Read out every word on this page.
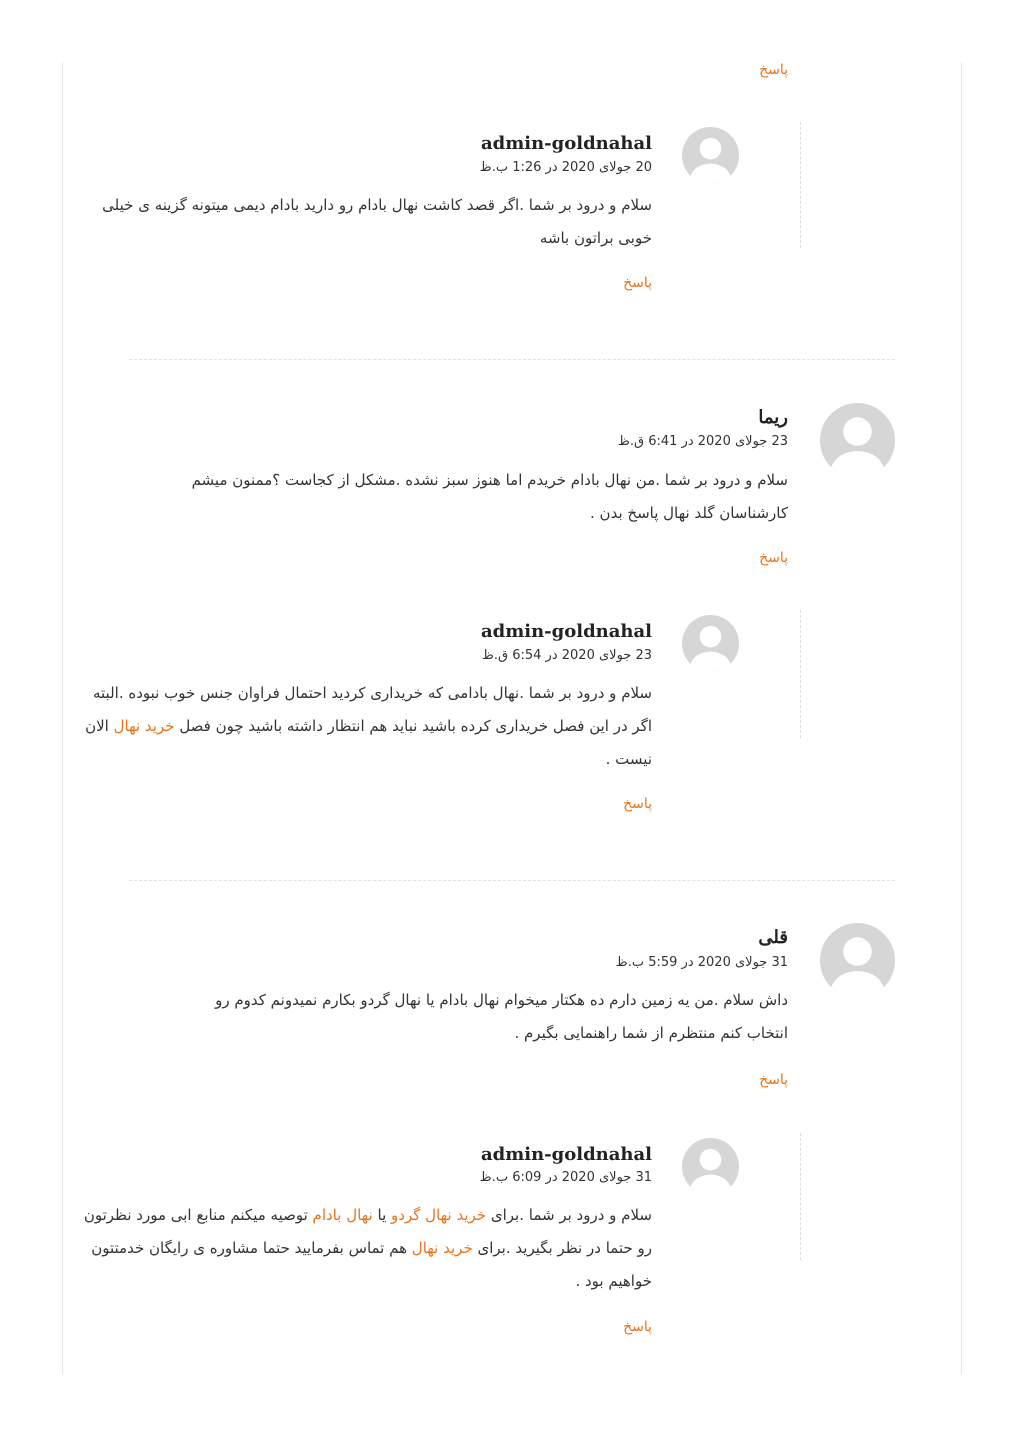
پاسخ
admin-goldnahal
20 جولای 2020 در 1:26 ب.ظ
سلام و درود بر شما .اگر قصد کاشت نهال بادام رو دارید بادام دیمی میتونه گزینه ی خیلی
خوبی براتون باشه
پاسخ
ریما
23 جولای 2020 در 6:41 ق.ظ
سلام و درود بر شما .من نهال بادام خریدم اما هنوز سبز نشده .مشکل از کجاست ؟ممنون میشم
کارشناسان گلد نهال پاسخ بدن .
پاسخ
admin-goldnahal
23 جولای 2020 در 6:54 ق.ظ
سلام و درود بر شما .نهال بادامی که خریداری کردید احتمال فراوان جنس خوب نبوده .البته
اگر در این فصل خریداری کرده باشید نباید هم انتظار داشته باشید چون فصل خرید نهال الان
نیست .
پاسخ
قلی
31 جولای 2020 در 5:59 ب.ظ
داش سلام .من یه زمین دارم ده هکتار میخوام نهال بادام یا نهال گردو بکارم نمیدونم کدوم رو
انتخاب کنم منتظرم از شما راهنمایی بگیرم .
پاسخ
admin-goldnahal
31 جولای 2020 در 6:09 ب.ظ
سلام و درود بر شما .برای خرید نهال گردو یا نهال بادام توصیه میکنم منابع ابی مورد نظرتون
رو حتما در نظر بگیرید .برای خرید نهال هم تماس بفرمایید حتما مشاوره ی رایگان خدمتتون
خواهیم بود .
پاسخ
